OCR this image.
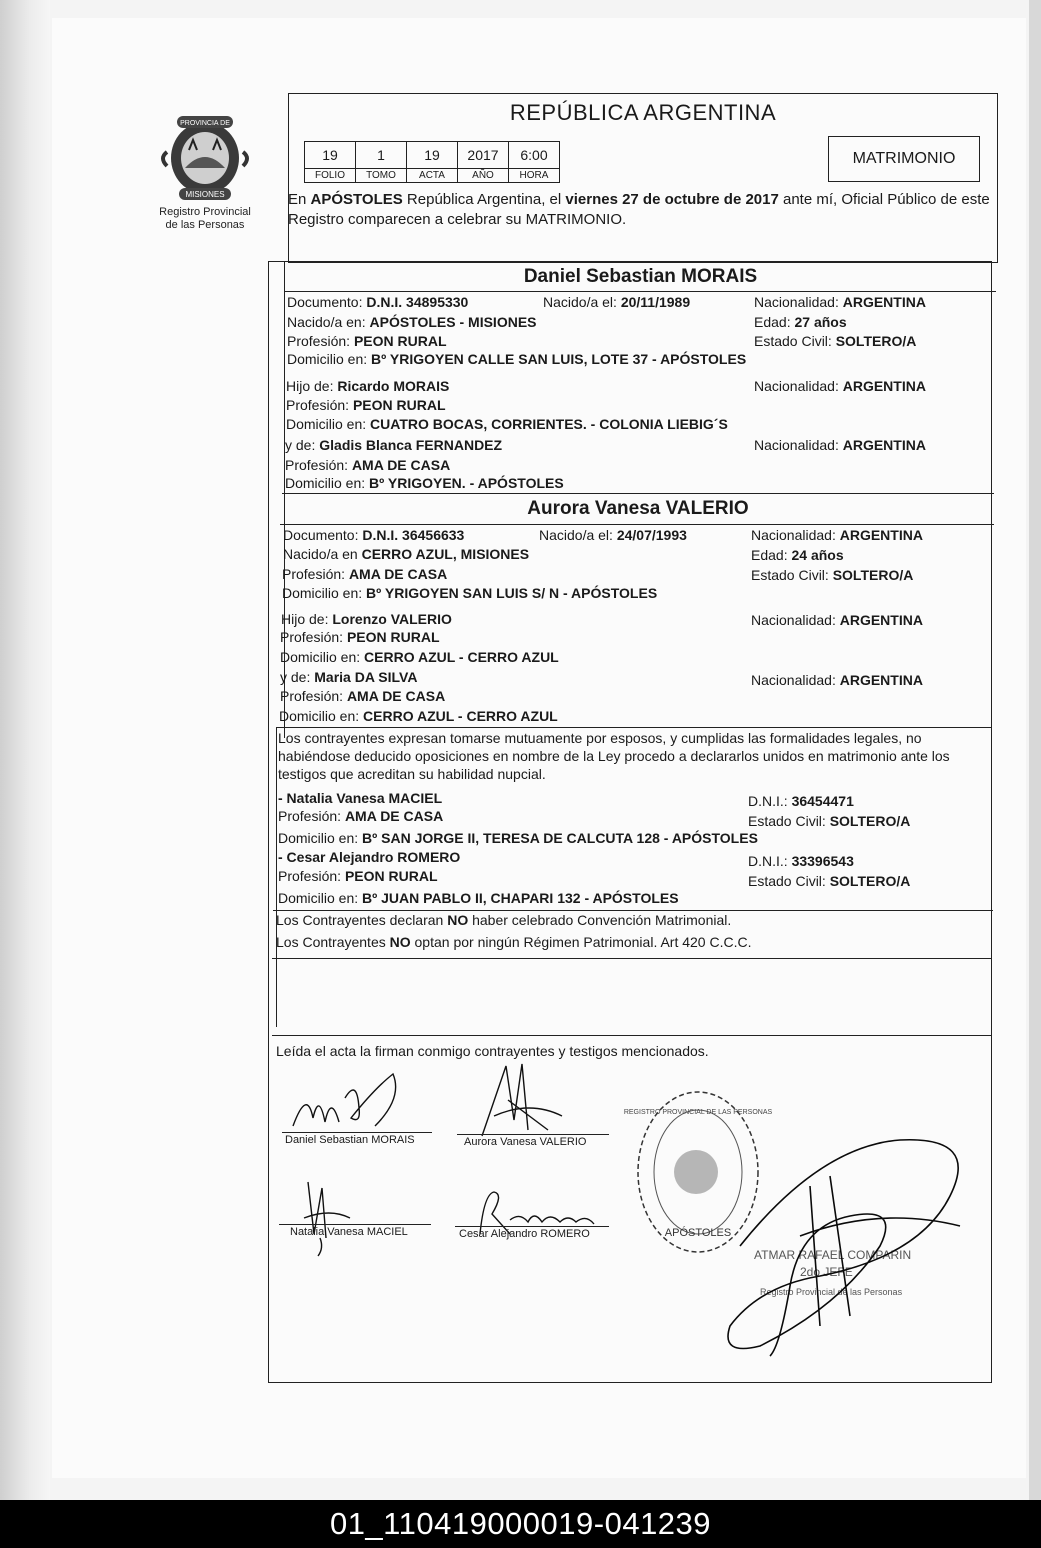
PROVINCIA DE
MISIONES
Registro Provincial
de las Personas
REPÚBLICA ARGENTINA
19	1	19	2017	6:00
FOLIO	TOMO	ACTA	AÑO	HORA
MATRIMONIO
En APÓSTOLES República Argentina, el viernes 27 de octubre de 2017 ante mí, Oficial Público de este Registro comparecen a celebrar su MATRIMONIO.
Daniel Sebastian MORAIS
Documento: D.N.I. 34895330	Nacido/a el: 20/11/1989	Nacionalidad: ARGENTINA
Nacido/a en: APÓSTOLES - MISIONES	Edad: 27 años
Profesión: PEON RURAL	Estado Civil: SOLTERO/A
Domicilio en: Bº YRIGOYEN CALLE SAN LUIS, LOTE 37 - APÓSTOLES
Hijo de: Ricardo MORAIS	Nacionalidad: ARGENTINA
Profesión: PEON RURAL
Domicilio en: CUATRO BOCAS, CORRIENTES. - COLONIA LIEBIG´S
y de: Gladis Blanca FERNANDEZ	Nacionalidad: ARGENTINA
Profesión: AMA DE CASA
Domicilio en: Bº YRIGOYEN. - APÓSTOLES
Aurora Vanesa VALERIO
Documento: D.N.I. 36456633	Nacido/a el: 24/07/1993	Nacionalidad: ARGENTINA
Nacido/a en CERRO AZUL, MISIONES	Edad: 24 años
Profesión: AMA DE CASA	Estado Civil: SOLTERO/A
Domicilio en: Bº YRIGOYEN SAN LUIS S/ N - APÓSTOLES
Hijo de: Lorenzo VALERIO	Nacionalidad: ARGENTINA
Profesión: PEON RURAL
Domicilio en: CERRO AZUL - CERRO AZUL
y de: Maria DA SILVA	Nacionalidad: ARGENTINA
Profesión: AMA DE CASA
Domicilio en: CERRO AZUL - CERRO AZUL
Los contrayentes expresan tomarse mutuamente por esposos, y cumplidas las formalidades legales, no habiéndose deducido oposiciones en nombre de la Ley procedo a declararlos unidos en matrimonio ante los testigos que acreditan su habilidad nupcial.
- Natalia Vanesa MACIEL	D.N.I.: 36454471
Profesión: AMA DE CASA	Estado Civil: SOLTERO/A
Domicilio en: Bº SAN JORGE II, TERESA DE CALCUTA 128 - APÓSTOLES
- Cesar Alejandro ROMERO	D.N.I.: 33396543
Profesión: PEON RURAL	Estado Civil: SOLTERO/A
Domicilio en: Bº JUAN PABLO II, CHAPARI 132 - APÓSTOLES
Los Contrayentes declaran NO haber celebrado Convención Matrimonial.
Los Contrayentes NO optan por ningún Régimen Patrimonial. Art 420 C.C.C.
Leída el acta la firman conmigo contrayentes y testigos mencionados.
Daniel Sebastian MORAIS	Aurora Vanesa VALERIO
Natalia Vanesa MACIEL	Cesar Alejandro ROMERO	APÓSTOLES
REGISTRO PROVINCIAL DE LAS PERSONAS
ATMAR RAFAEL COMPARIN
2do JEFE
Registro Provincial de las Personas
01_110419000019-041239
